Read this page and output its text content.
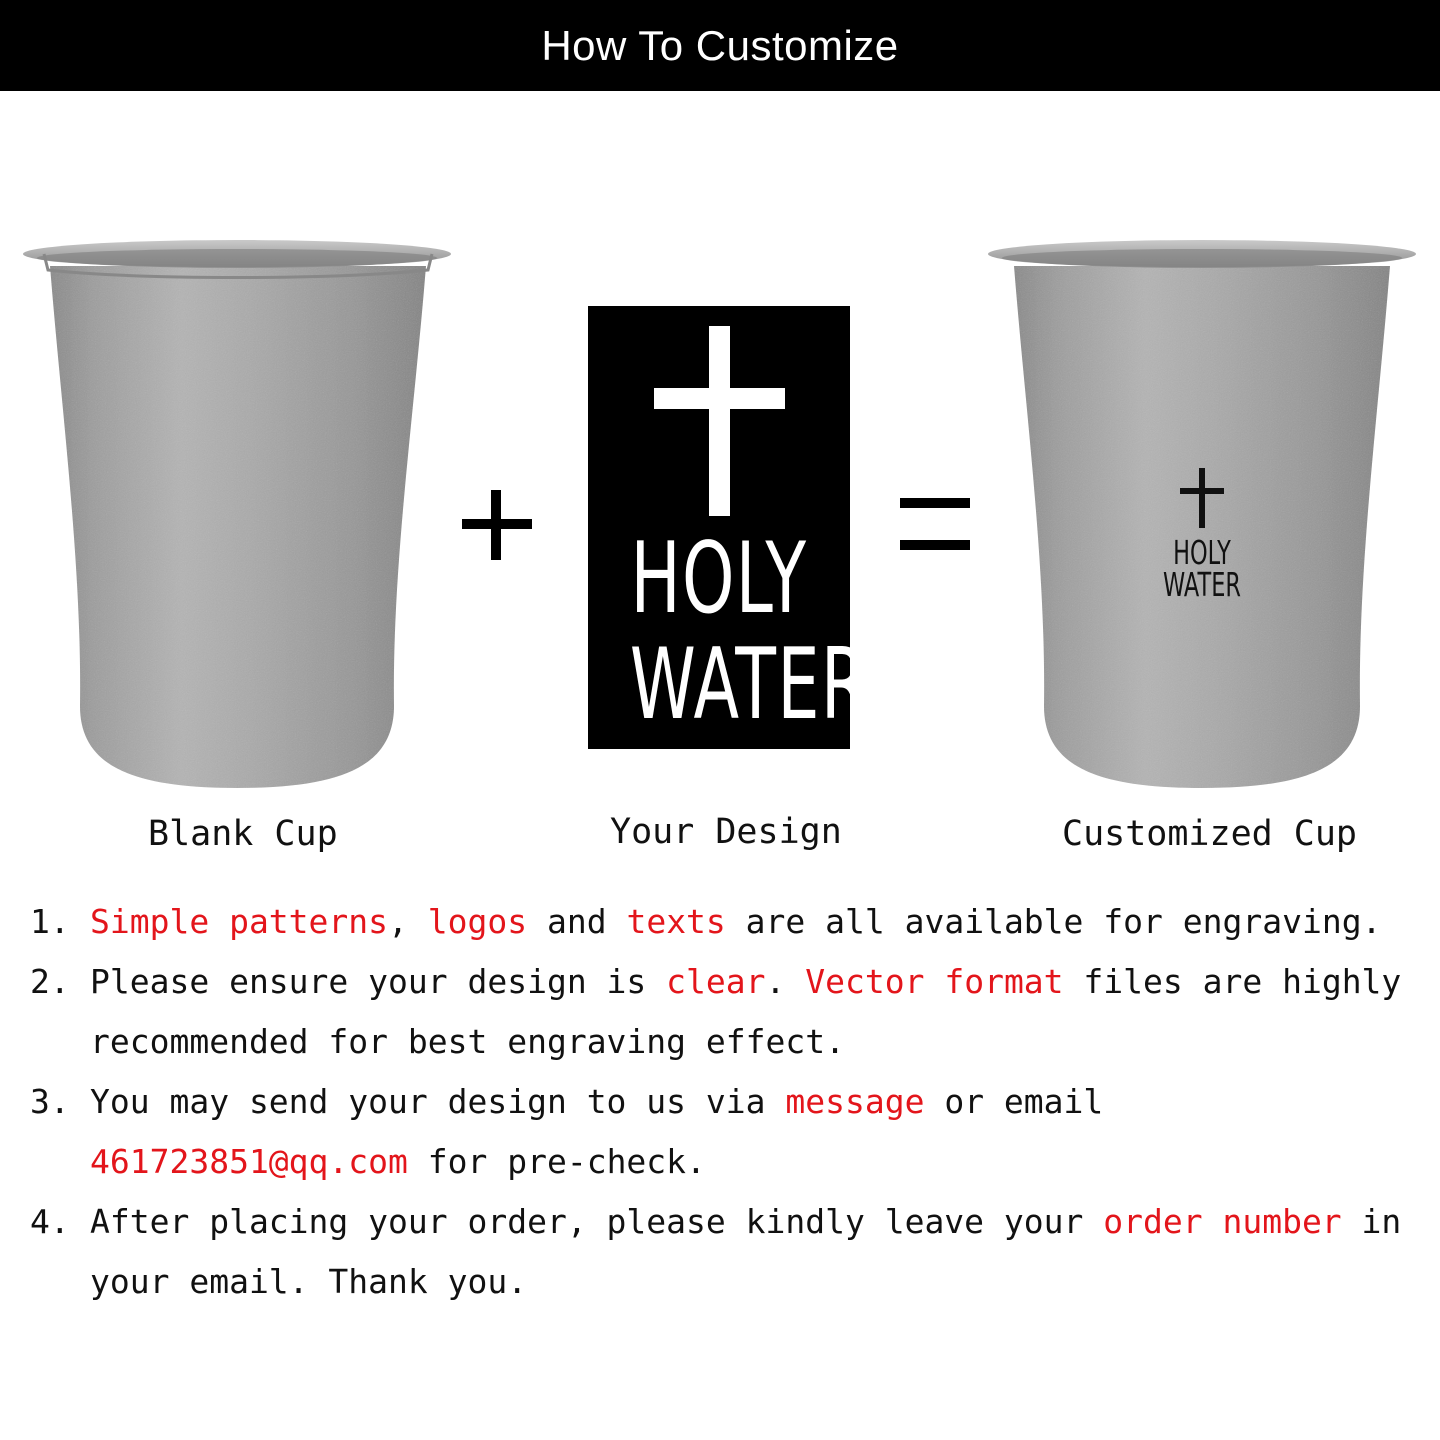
How To Customize
HOLY
WATER
HOLY
WATER
Blank Cup	Your Design	Customized Cup
1. Simple patterns, logos and texts are all available for engraving.
2. Please ensure your design is clear. Vector format files are highly recommended for best engraving effect.
3. You may send your design to us via message or email 461723851@qq.com for pre-check.
4. After placing your order, please kindly leave your order number in your email. Thank you.
